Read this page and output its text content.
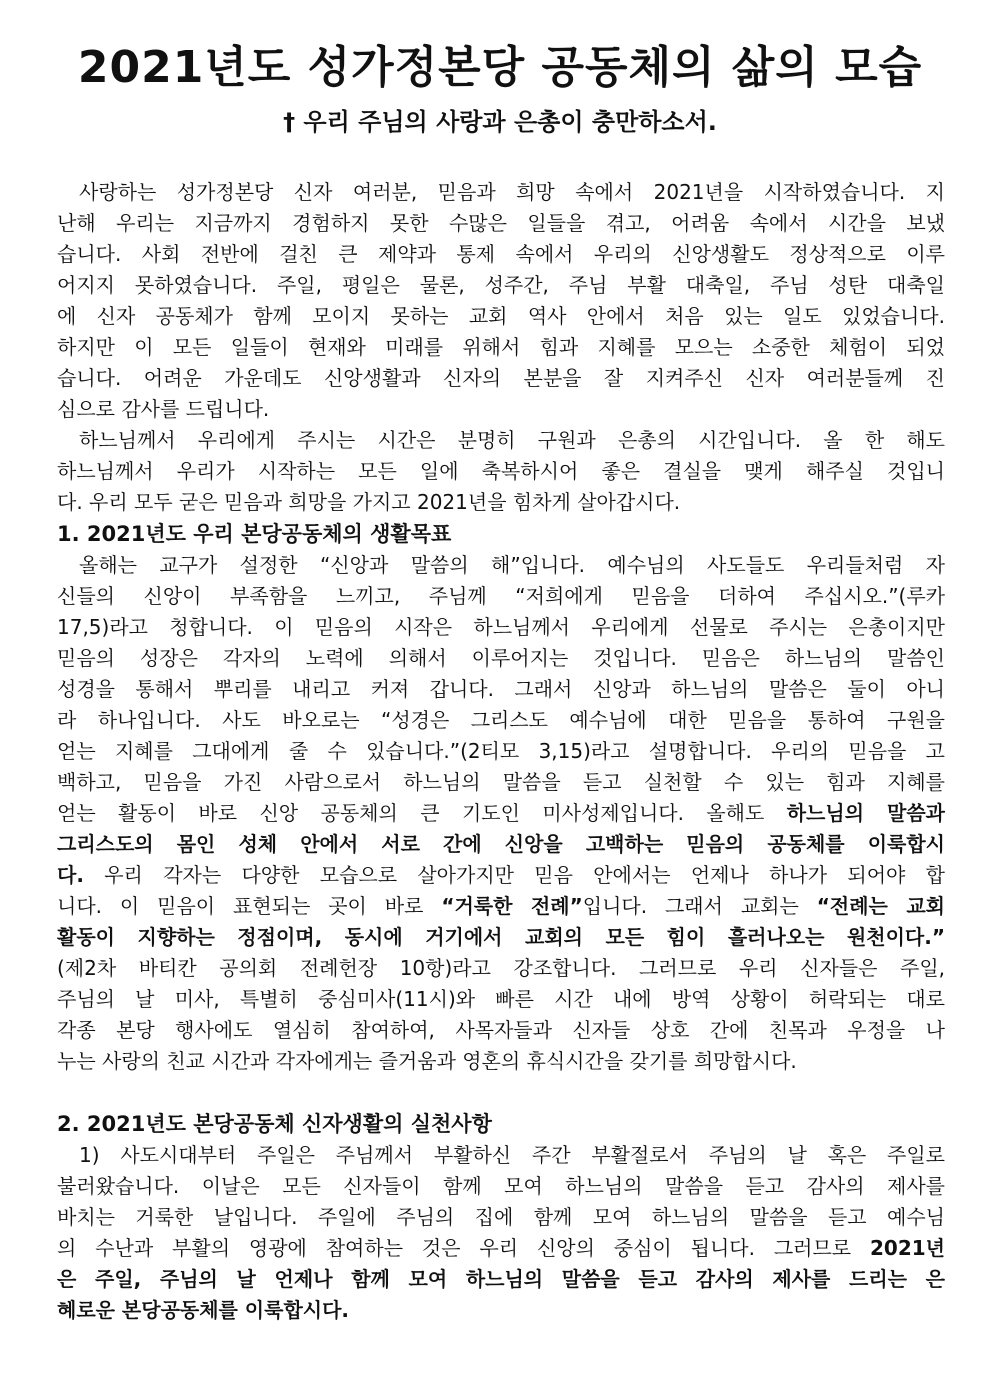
2021년도 성가정본당 공동체의 삶의 모습
† 우리 주님의 사랑과 은총이 충만하소서.
사랑하는 성가정본당 신자 여러분, 믿음과 희망 속에서 2021년을 시작하였습니다. 지
난해 우리는 지금까지 경험하지 못한 수많은 일들을 겪고, 어려움 속에서 시간을 보냈
습니다. 사회 전반에 걸친 큰 제약과 통제 속에서 우리의 신앙생활도 정상적으로 이루
어지지 못하였습니다. 주일, 평일은 물론, 성주간, 주님 부활 대축일, 주님 성탄 대축일
에 신자 공동체가 함께 모이지 못하는 교회 역사 안에서 처음 있는 일도 있었습니다.
하지만 이 모든 일들이 현재와 미래를 위해서 힘과 지혜를 모으는 소중한 체험이 되었
습니다. 어려운 가운데도 신앙생활과 신자의 본분을 잘 지켜주신 신자 여러분들께 진
심으로 감사를 드립니다.
하느님께서 우리에게 주시는 시간은 분명히 구원과 은총의 시간입니다. 올 한 해도
하느님께서 우리가 시작하는 모든 일에 축복하시어 좋은 결실을 맺게 해주실 것입니
다. 우리 모두 굳은 믿음과 희망을 가지고 2021년을 힘차게 살아갑시다.
1. 2021년도 우리 본당공동체의 생활목표
올해는 교구가 설정한 “신앙과 말씀의 해”입니다. 예수님의 사도들도 우리들처럼 자
신들의 신앙이 부족함을 느끼고, 주님께 “저희에게 믿음을 더하여 주십시오.”(루카
17,5)라고 청합니다. 이 믿음의 시작은 하느님께서 우리에게 선물로 주시는 은총이지만
믿음의 성장은 각자의 노력에 의해서 이루어지는 것입니다. 믿음은 하느님의 말씀인
성경을 통해서 뿌리를 내리고 커져 갑니다. 그래서 신앙과 하느님의 말씀은 둘이 아니
라 하나입니다. 사도 바오로는 “성경은 그리스도 예수님에 대한 믿음을 통하여 구원을
얻는 지혜를 그대에게 줄 수 있습니다.”(2티모 3,15)라고 설명합니다. 우리의 믿음을 고
백하고, 믿음을 가진 사람으로서 하느님의 말씀을 듣고 실천할 수 있는 힘과 지혜를
얻는 활동이 바로 신앙 공동체의 큰 기도인 미사성제입니다. 올해도 하느님의 말씀과
그리스도의 몸인 성체 안에서 서로 간에 신앙을 고백하는 믿음의 공동체를 이룩합시
다. 우리 각자는 다양한 모습으로 살아가지만 믿음 안에서는 언제나 하나가 되어야 합
니다. 이 믿음이 표현되는 곳이 바로 “거룩한 전례”입니다. 그래서 교회는 “전례는 교회
활동이 지향하는 정점이며, 동시에 거기에서 교회의 모든 힘이 흘러나오는 원천이다.”
(제2차 바티칸 공의회 전례헌장 10항)라고 강조합니다. 그러므로 우리 신자들은 주일,
주님의 날 미사, 특별히 중심미사(11시)와 빠른 시간 내에 방역 상황이 허락되는 대로
각종 본당 행사에도 열심히 참여하여, 사목자들과 신자들 상호 간에 친목과 우정을 나
누는 사랑의 친교 시간과 각자에게는 즐거움과 영혼의 휴식시간을 갖기를 희망합시다.
2. 2021년도 본당공동체 신자생활의 실천사항
1) 사도시대부터 주일은 주님께서 부활하신 주간 부활절로서 주님의 날 혹은 주일로
불러왔습니다. 이날은 모든 신자들이 함께 모여 하느님의 말씀을 듣고 감사의 제사를
바치는 거룩한 날입니다. 주일에 주님의 집에 함께 모여 하느님의 말씀을 듣고 예수님
의 수난과 부활의 영광에 참여하는 것은 우리 신앙의 중심이 됩니다. 그러므로 2021년
은 주일, 주님의 날 언제나 함께 모여 하느님의 말씀을 듣고 감사의 제사를 드리는 은
혜로운 본당공동체를 이룩합시다.
